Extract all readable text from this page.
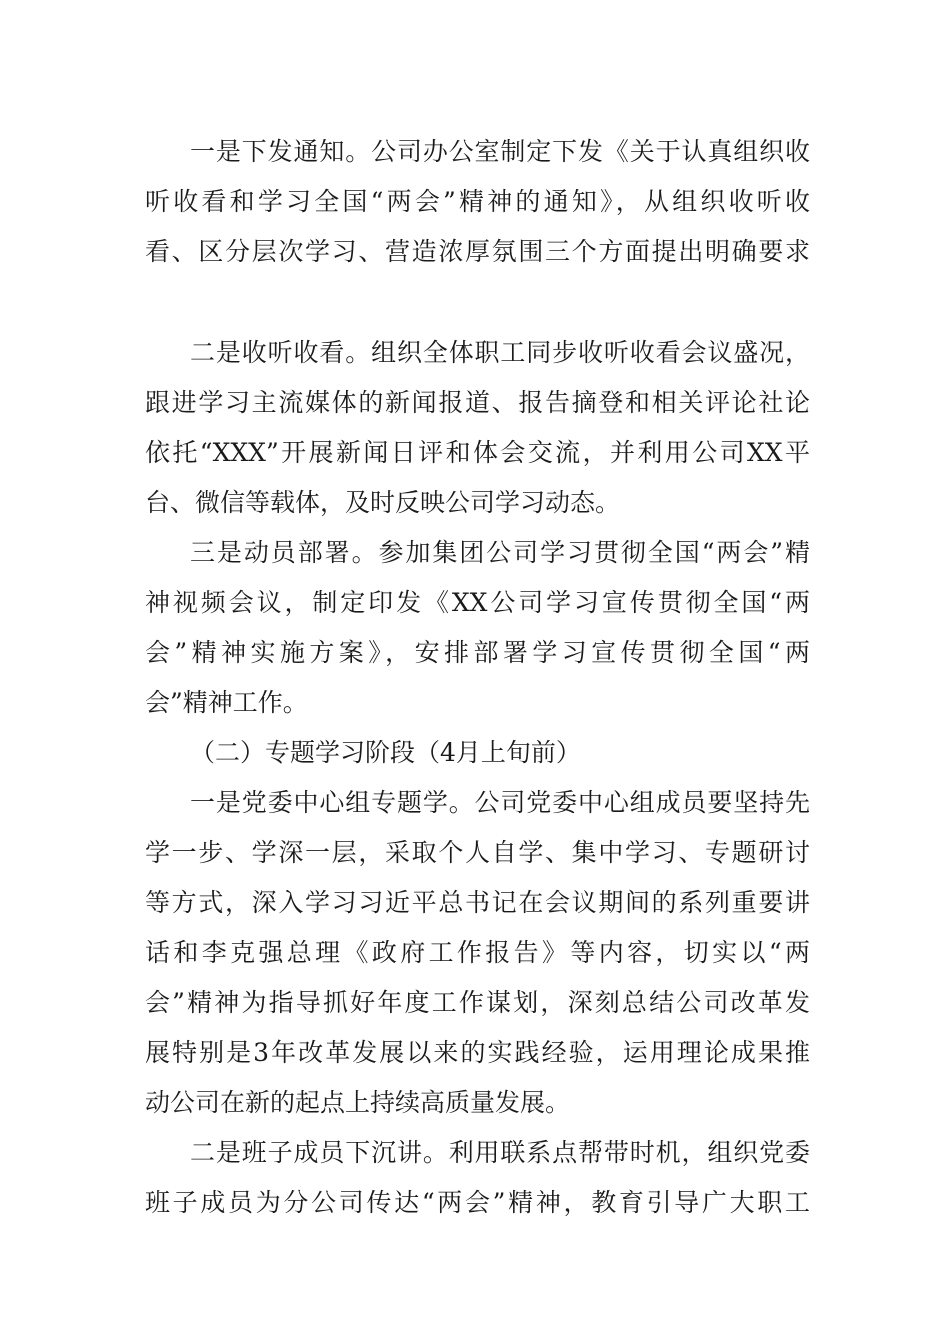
一是下发通知。公司办公室制定下发《关于认真组织收

听收看和学习全国“两会”精神的通知》，从组织收听收

看、区分层次学习、营造浓厚氛围三个方面提出明确要求

二是收听收看。组织全体职工同步收听收看会议盛况，

跟进学习主流媒体的新闻报道、报告摘登和相关评论社论

依托“XXX”开展新闻日评和体会交流，并利用公司XX平

台、微信等载体，及时反映公司学习动态。

三是动员部署。参加集团公司学习贯彻全国“两会”精

神视频会议，制定印发《XX公司学习宣传贯彻全国“两

会”精神实施方案》，安排部署学习宣传贯彻全国“两

会”精神工作。

（二）专题学习阶段（4月上旬前）

一是党委中心组专题学。公司党委中心组成员要坚持先

学一步、学深一层，采取个人自学、集中学习、专题研讨

等方式，深入学习习近平总书记在会议期间的系列重要讲

话和李克强总理《政府工作报告》等内容，切实以“两

会”精神为指导抓好年度工作谋划，深刻总结公司改革发

展特别是3年改革发展以来的实践经验，运用理论成果推

动公司在新的起点上持续高质量发展。

二是班子成员下沉讲。利用联系点帮带时机，组织党委

班子成员为分公司传达“两会”精神，教育引导广大职工
